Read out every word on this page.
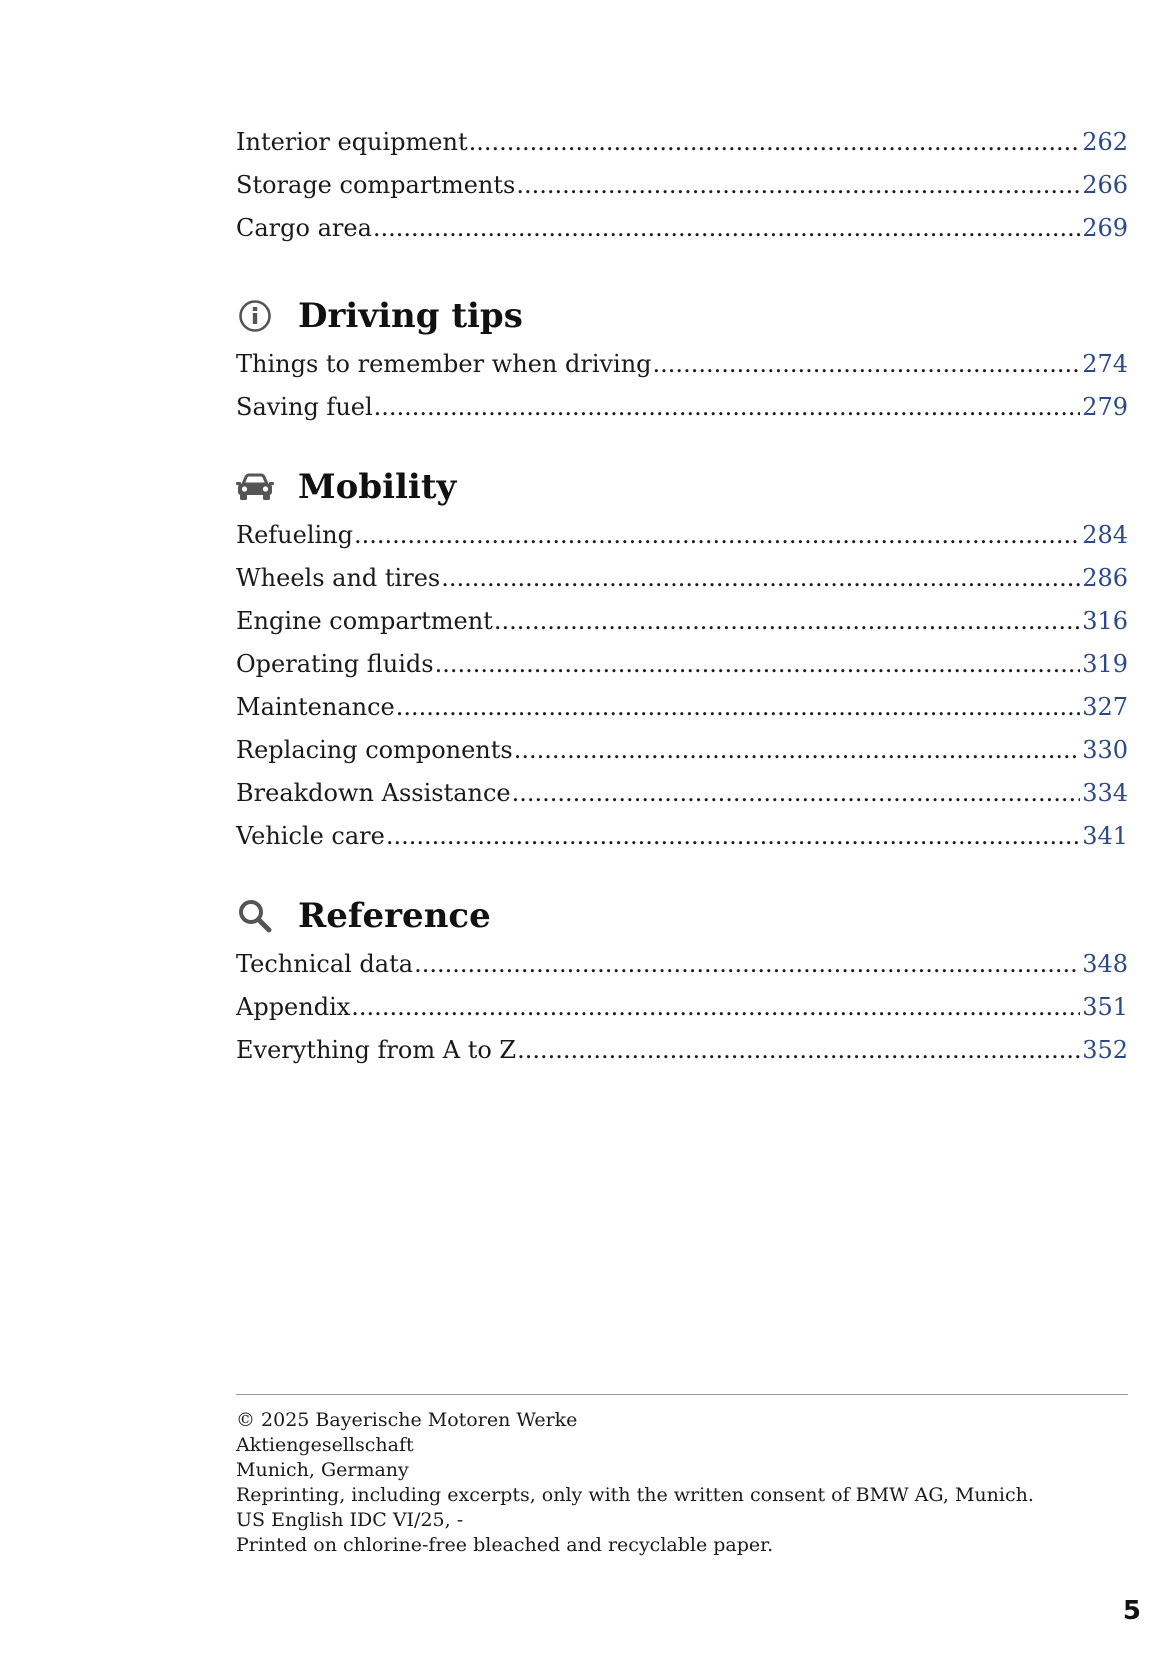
Interior equipment .....	262
Storage compartments .....	266
Cargo area .....	269
Driving tips
Things to remember when driving .....	274
Saving fuel .....	279
Mobility
Refueling .....	284
Wheels and tires .....	286
Engine compartment .....	316
Operating fluids .....	319
Maintenance .....	327
Replacing components .....	330
Breakdown Assistance .....	334
Vehicle care .....	341
Reference
Technical data .....	348
Appendix .....	351
Everything from A to Z .....	352
© 2025 Bayerische Motoren Werke
Aktiengesellschaft
Munich, Germany
Reprinting, including excerpts, only with the written consent of BMW AG, Munich.
US English IDC VI/25, -
Printed on chlorine-free bleached and recyclable paper.
5
